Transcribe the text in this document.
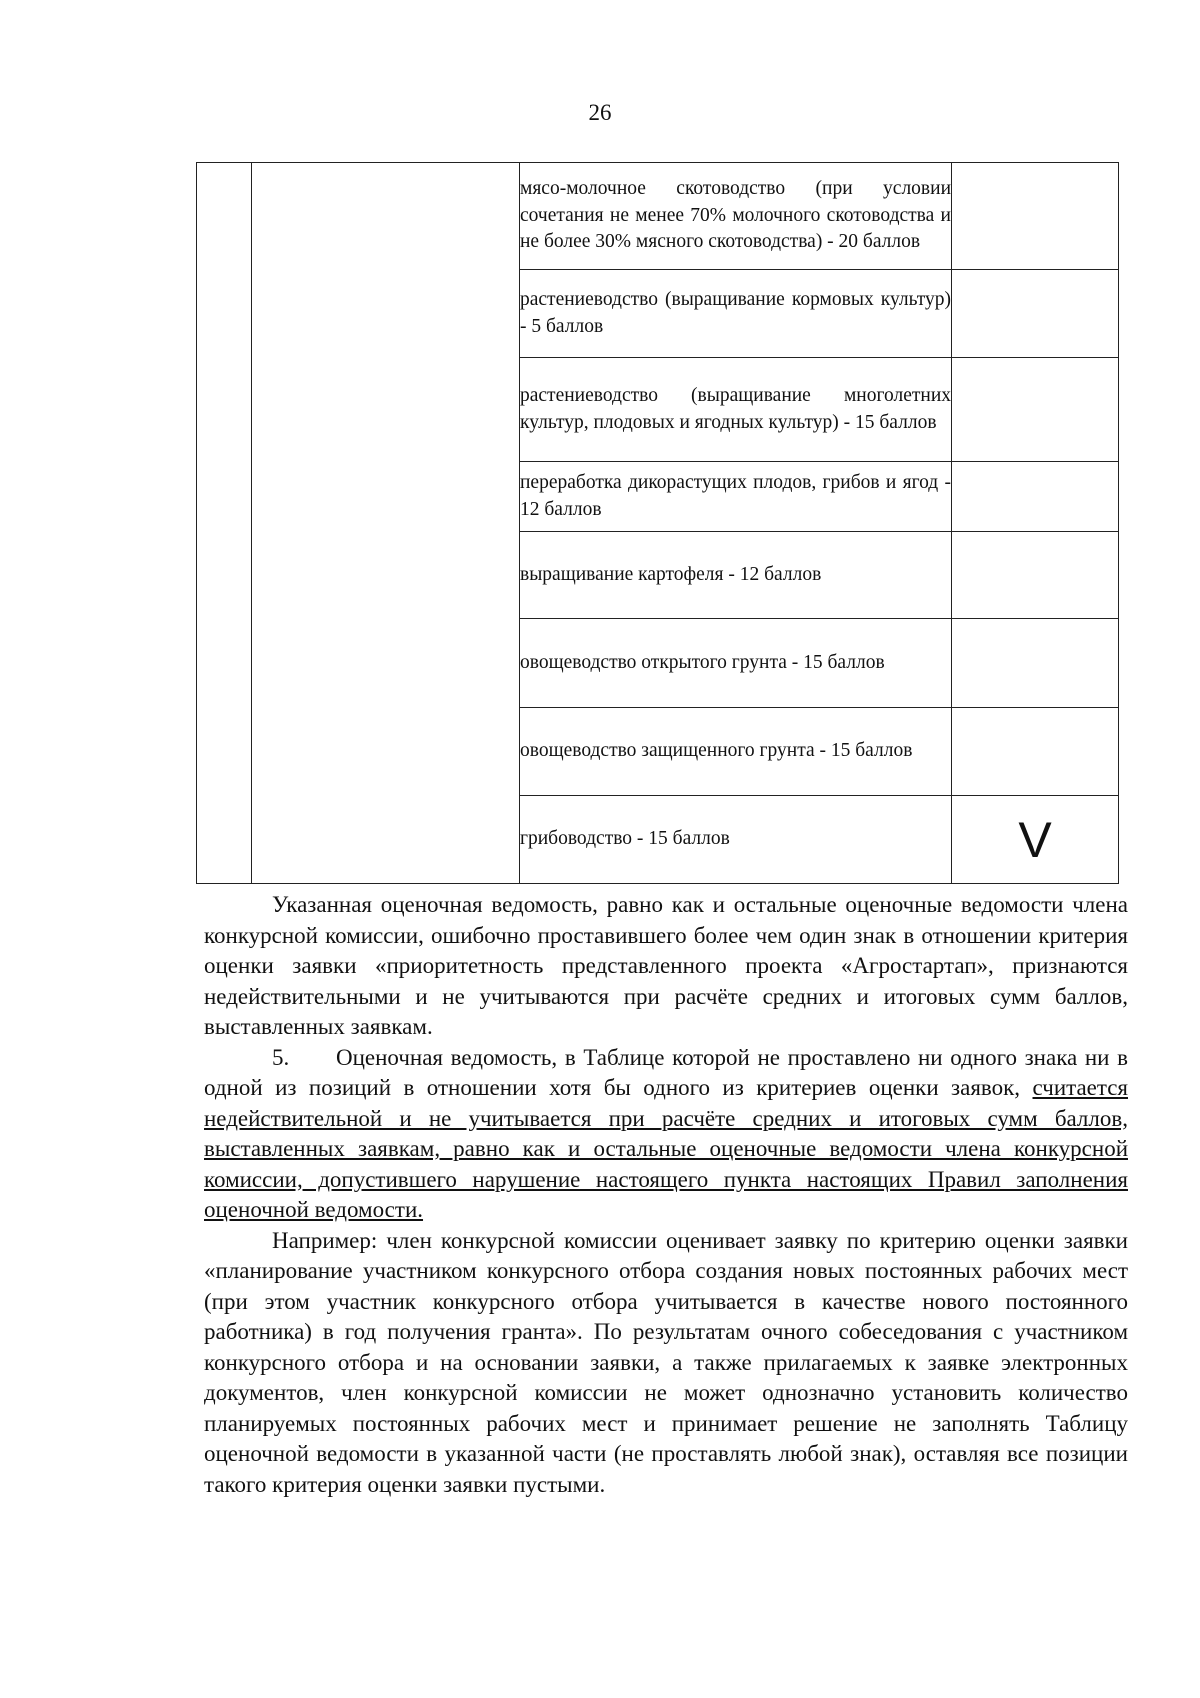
26
		мясо-молочное скотоводство (при условии сочетания не менее 70% молочного скотоводства и не более 30% мясного скотоводства) - 20 баллов	
		растениеводство (выращивание кормовых культур) - 5 баллов	
		растениеводство (выращивание многолетних культур, плодовых и ягодных культур) - 15 баллов	
		переработка дикорастущих плодов, грибов и ягод - 12 баллов	
		выращивание картофеля - 12 баллов	
		овощеводство открытого грунта - 15 баллов	
		овощеводство защищенного грунта - 15 баллов	
		грибоводство - 15 баллов	V

Указанная оценочная ведомость, равно как и остальные оценочные ведомости члена конкурсной комиссии, ошибочно проставившего более чем один знак в отношении критерия оценки заявки «приоритетность представленного проекта «Агростартап», признаются недействительными и не учитываются при расчёте средних и итоговых сумм баллов, выставленных заявкам.

5. Оценочная ведомость, в Таблице которой не проставлено ни одного знака ни в одной из позиций в отношении хотя бы одного из критериев оценки заявок, считается недействительной и не учитывается при расчёте средних и итоговых сумм баллов, выставленных заявкам, равно как и остальные оценочные ведомости члена конкурсной комиссии, допустившего нарушение настоящего пункта настоящих Правил заполнения оценочной ведомости.

Например: член конкурсной комиссии оценивает заявку по критерию оценки заявки «планирование участником конкурсного отбора создания новых постоянных рабочих мест (при этом участник конкурсного отбора учитывается в качестве нового постоянного работника) в год получения гранта». По результатам очного собеседования с участником конкурсного отбора и на основании заявки, а также прилагаемых к заявке электронных документов, член конкурсной комиссии не может однозначно установить количество планируемых постоянных рабочих мест и принимает решение не заполнять Таблицу оценочной ведомости в указанной части (не проставлять любой знак), оставляя все позиции такого критерия оценки заявки пустыми.
